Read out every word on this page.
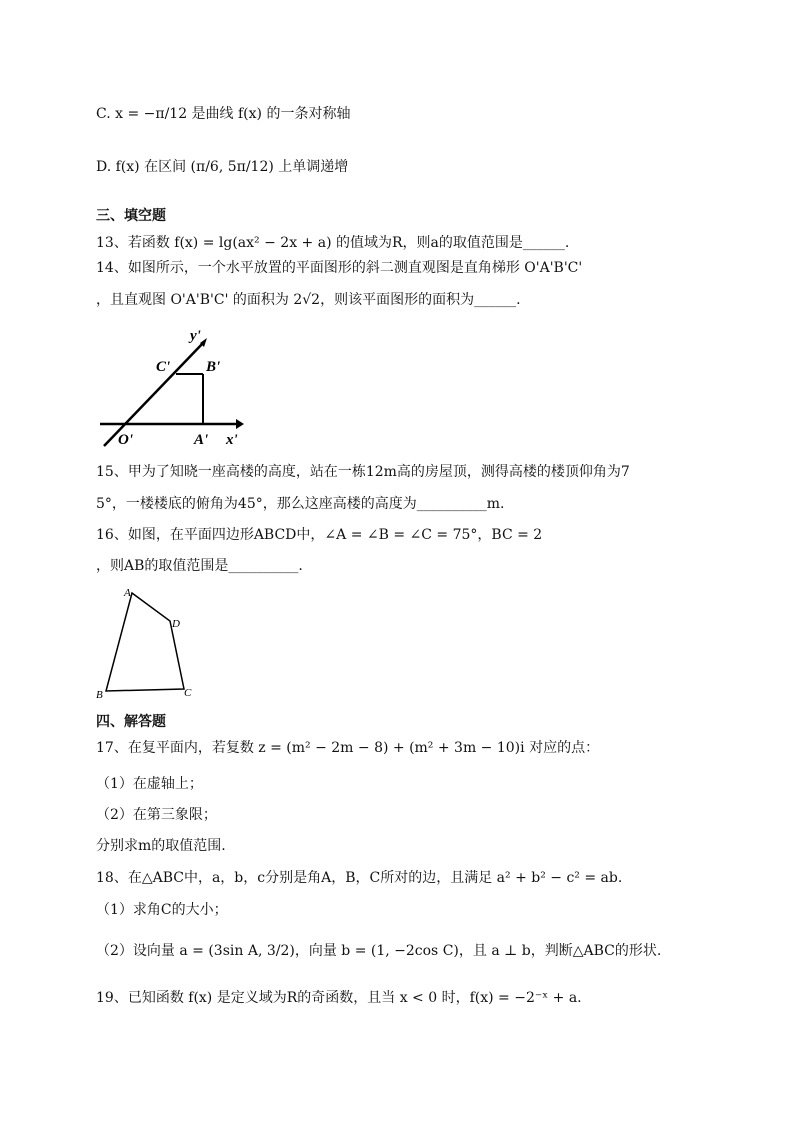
C. x = −π/12 是曲线 f(x) 的一条对称轴
D. f(x) 在区间 (π/6, 5π/12) 上单调递增
三、填空题
13、若函数 f(x) = lg(ax² − 2x + a) 的值域为R，则a的取值范围是______.
14、如图所示，一个水平放置的平面图形的斜二测直观图是直角梯形 O'A'B'C'
，且直观图 O'A'B'C' 的面积为 2√2，则该平面图形的面积为______.
y'
C' B'
O'	A' x'
15、甲为了知晓一座高楼的高度，站在一栋12m高的房屋顶，测得高楼的楼顶仰角为7
5°，一楼楼底的俯角为45°，那么这座高楼的高度为__________m.
16、如图，在平面四边形ABCD中，∠A = ∠B = ∠C = 75°，BC = 2
，则AB的取值范围是__________.
A
D
B	C
四、解答题
17、在复平面内，若复数 z = (m² − 2m − 8) + (m² + 3m − 10)i 对应的点：
（1）在虚轴上；
（2）在第三象限；
分别求m的取值范围.
18、在△ABC中，a，b，c分别是角A，B，C所对的边，且满足 a² + b² − c² = ab.
（1）求角C的大小；
（2）设向量 a = (3sin A, 3/2)，向量 b = (1, −2cos C)，且 a ⊥ b，判断△ABC的形状.
19、已知函数 f(x) 是定义域为R的奇函数，且当 x < 0 时，f(x) = −2⁻ˣ + a.
